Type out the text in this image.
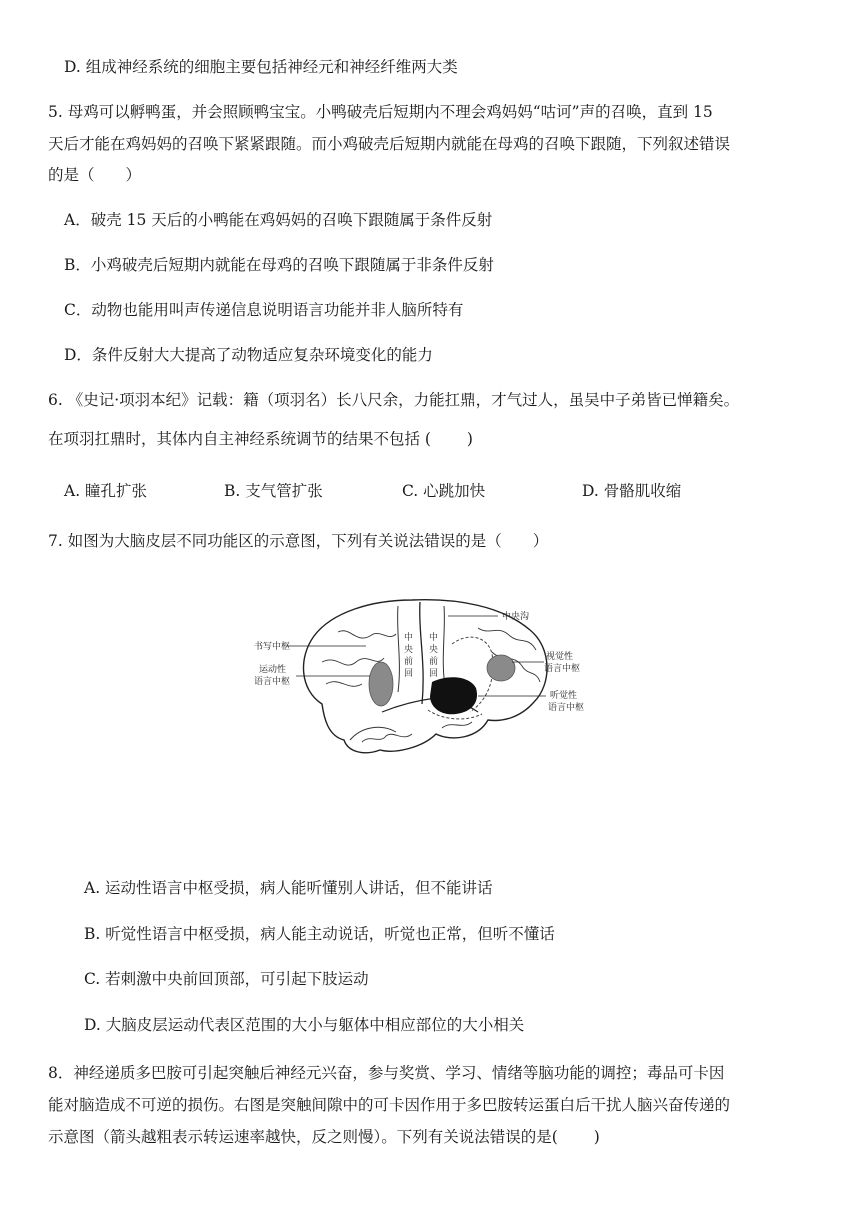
D. 组成神经系统的细胞主要包括神经元和神经纤维两大类
5. 母鸡可以孵鸭蛋，并会照顾鸭宝宝。小鸭破壳后短期内不理会鸡妈妈“咕诃”声的召唤，直到 15
天后才能在鸡妈妈的召唤下紧紧跟随。而小鸡破壳后短期内就能在母鸡的召唤下跟随，下列叙述错误
的是（　　）
A．破壳 15 天后的小鸭能在鸡妈妈的召唤下跟随属于条件反射
B．小鸡破壳后短期内就能在母鸡的召唤下跟随属于非条件反射
C．动物也能用叫声传递信息说明语言功能并非人脑所特有
D．条件反射大大提高了动物适应复杂环境变化的能力
6. 《史记·项羽本纪》记载：籍（项羽名）长八尺余，力能扛鼎，才气过人，虽吴中子弟皆已惮籍矣。
在项羽扛鼎时，其体内自主神经系统调节的结果不包括 (　　 )
A. 瞳孔扩张	B. 支气管扩张	C. 心跳加快	D. 骨骼肌收缩
7. 如图为大脑皮层不同功能区的示意图，下列有关说法错误的是（　　）
书写中枢
运动性
语言中枢
中央沟
视觉性
语言中枢
听觉性
语言中枢
中
央
前
回
中
央
前
回
A. 运动性语言中枢受损，病人能听懂别人讲话，但不能讲话
B. 听觉性语言中枢受损，病人能主动说话，听觉也正常，但听不懂话
C. 若刺激中央前回顶部，可引起下肢运动
D. 大脑皮层运动代表区范围的大小与躯体中相应部位的大小相关
8．神经递质多巴胺可引起突触后神经元兴奋，参与奖赏、学习、情绪等脑功能的调控；毒品可卡因
能对脑造成不可逆的损伤。右图是突触间隙中的可卡因作用于多巴胺转运蛋白后干扰人脑兴奋传递的
示意图（箭头越粗表示转运速率越快，反之则慢）。下列有关说法错误的是(　　 )
